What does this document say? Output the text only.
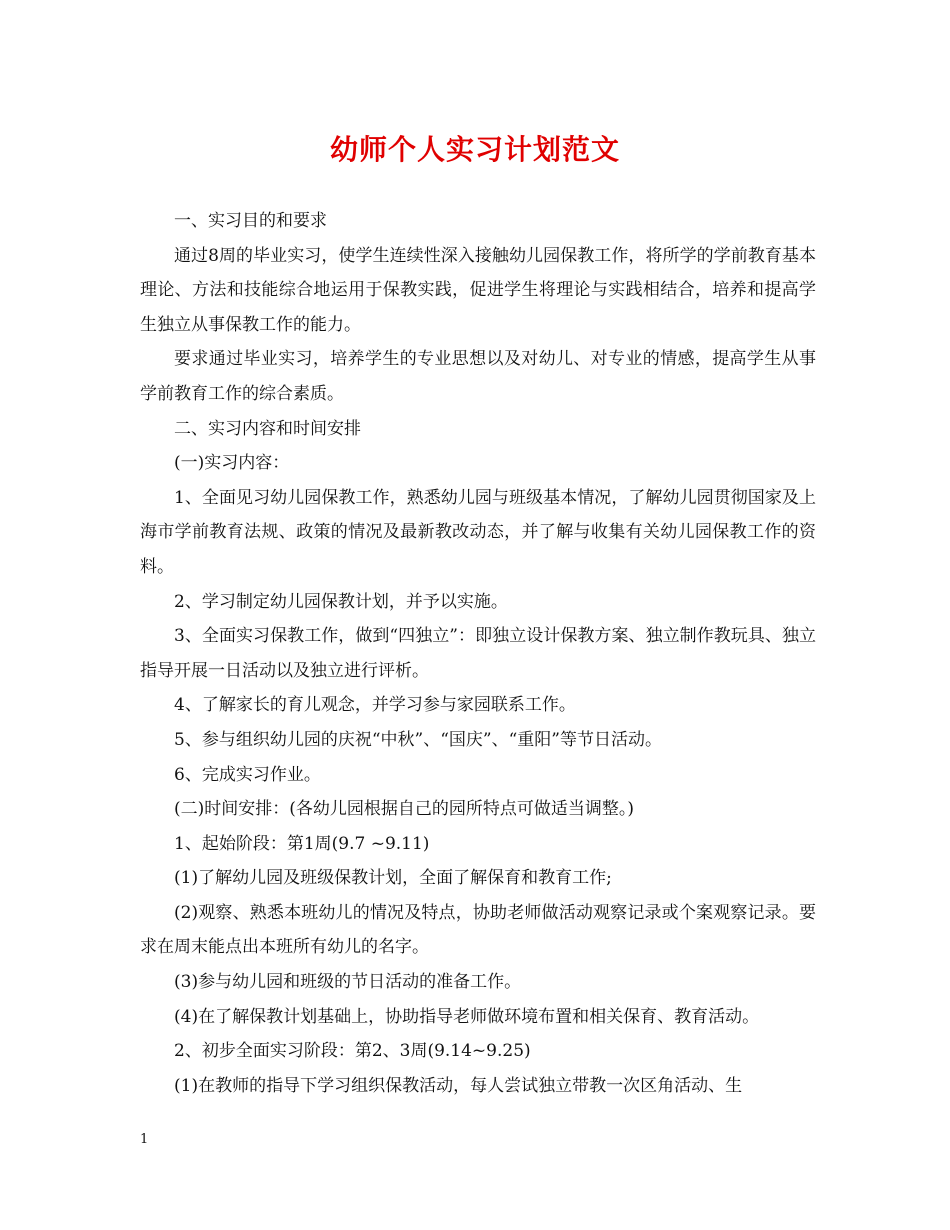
幼师个人实习计划范文

一、实习目的和要求

通过8周的毕业实习，使学生连续性深入接触幼儿园保教工作，将所学的学前教育基本理论、方法和技能综合地运用于保教实践，促进学生将理论与实践相结合，培养和提高学生独立从事保教工作的能力。

要求通过毕业实习，培养学生的专业思想以及对幼儿、对专业的情感，提高学生从事学前教育工作的综合素质。

二、实习内容和时间安排

(一)实习内容：

1、全面见习幼儿园保教工作，熟悉幼儿园与班级基本情况，了解幼儿园贯彻国家及上海市学前教育法规、政策的情况及最新教改动态，并了解与收集有关幼儿园保教工作的资料。

2、学习制定幼儿园保教计划，并予以实施。

3、全面实习保教工作，做到“四独立”：即独立设计保教方案、独立制作教玩具、独立指导开展一日活动以及独立进行评析。

4、了解家长的育儿观念，并学习参与家园联系工作。

5、参与组织幼儿园的庆祝“中秋”、“国庆”、“重阳”等节日活动。

6、完成实习作业。

(二)时间安排：(各幼儿园根据自己的园所特点可做适当调整。)

1、起始阶段：第1周(9.7 ~9.11)

(1)了解幼儿园及班级保教计划，全面了解保育和教育工作;

(2)观察、熟悉本班幼儿的情况及特点，协助老师做活动观察记录或个案观察记录。要求在周末能点出本班所有幼儿的名字。

(3)参与幼儿园和班级的节日活动的准备工作。

(4)在了解保教计划基础上，协助指导老师做环境布置和相关保育、教育活动。

2、初步全面实习阶段：第2、3周(9.14~9.25)

(1)在教师的指导下学习组织保教活动，每人尝试独立带教一次区角活动、生

1
